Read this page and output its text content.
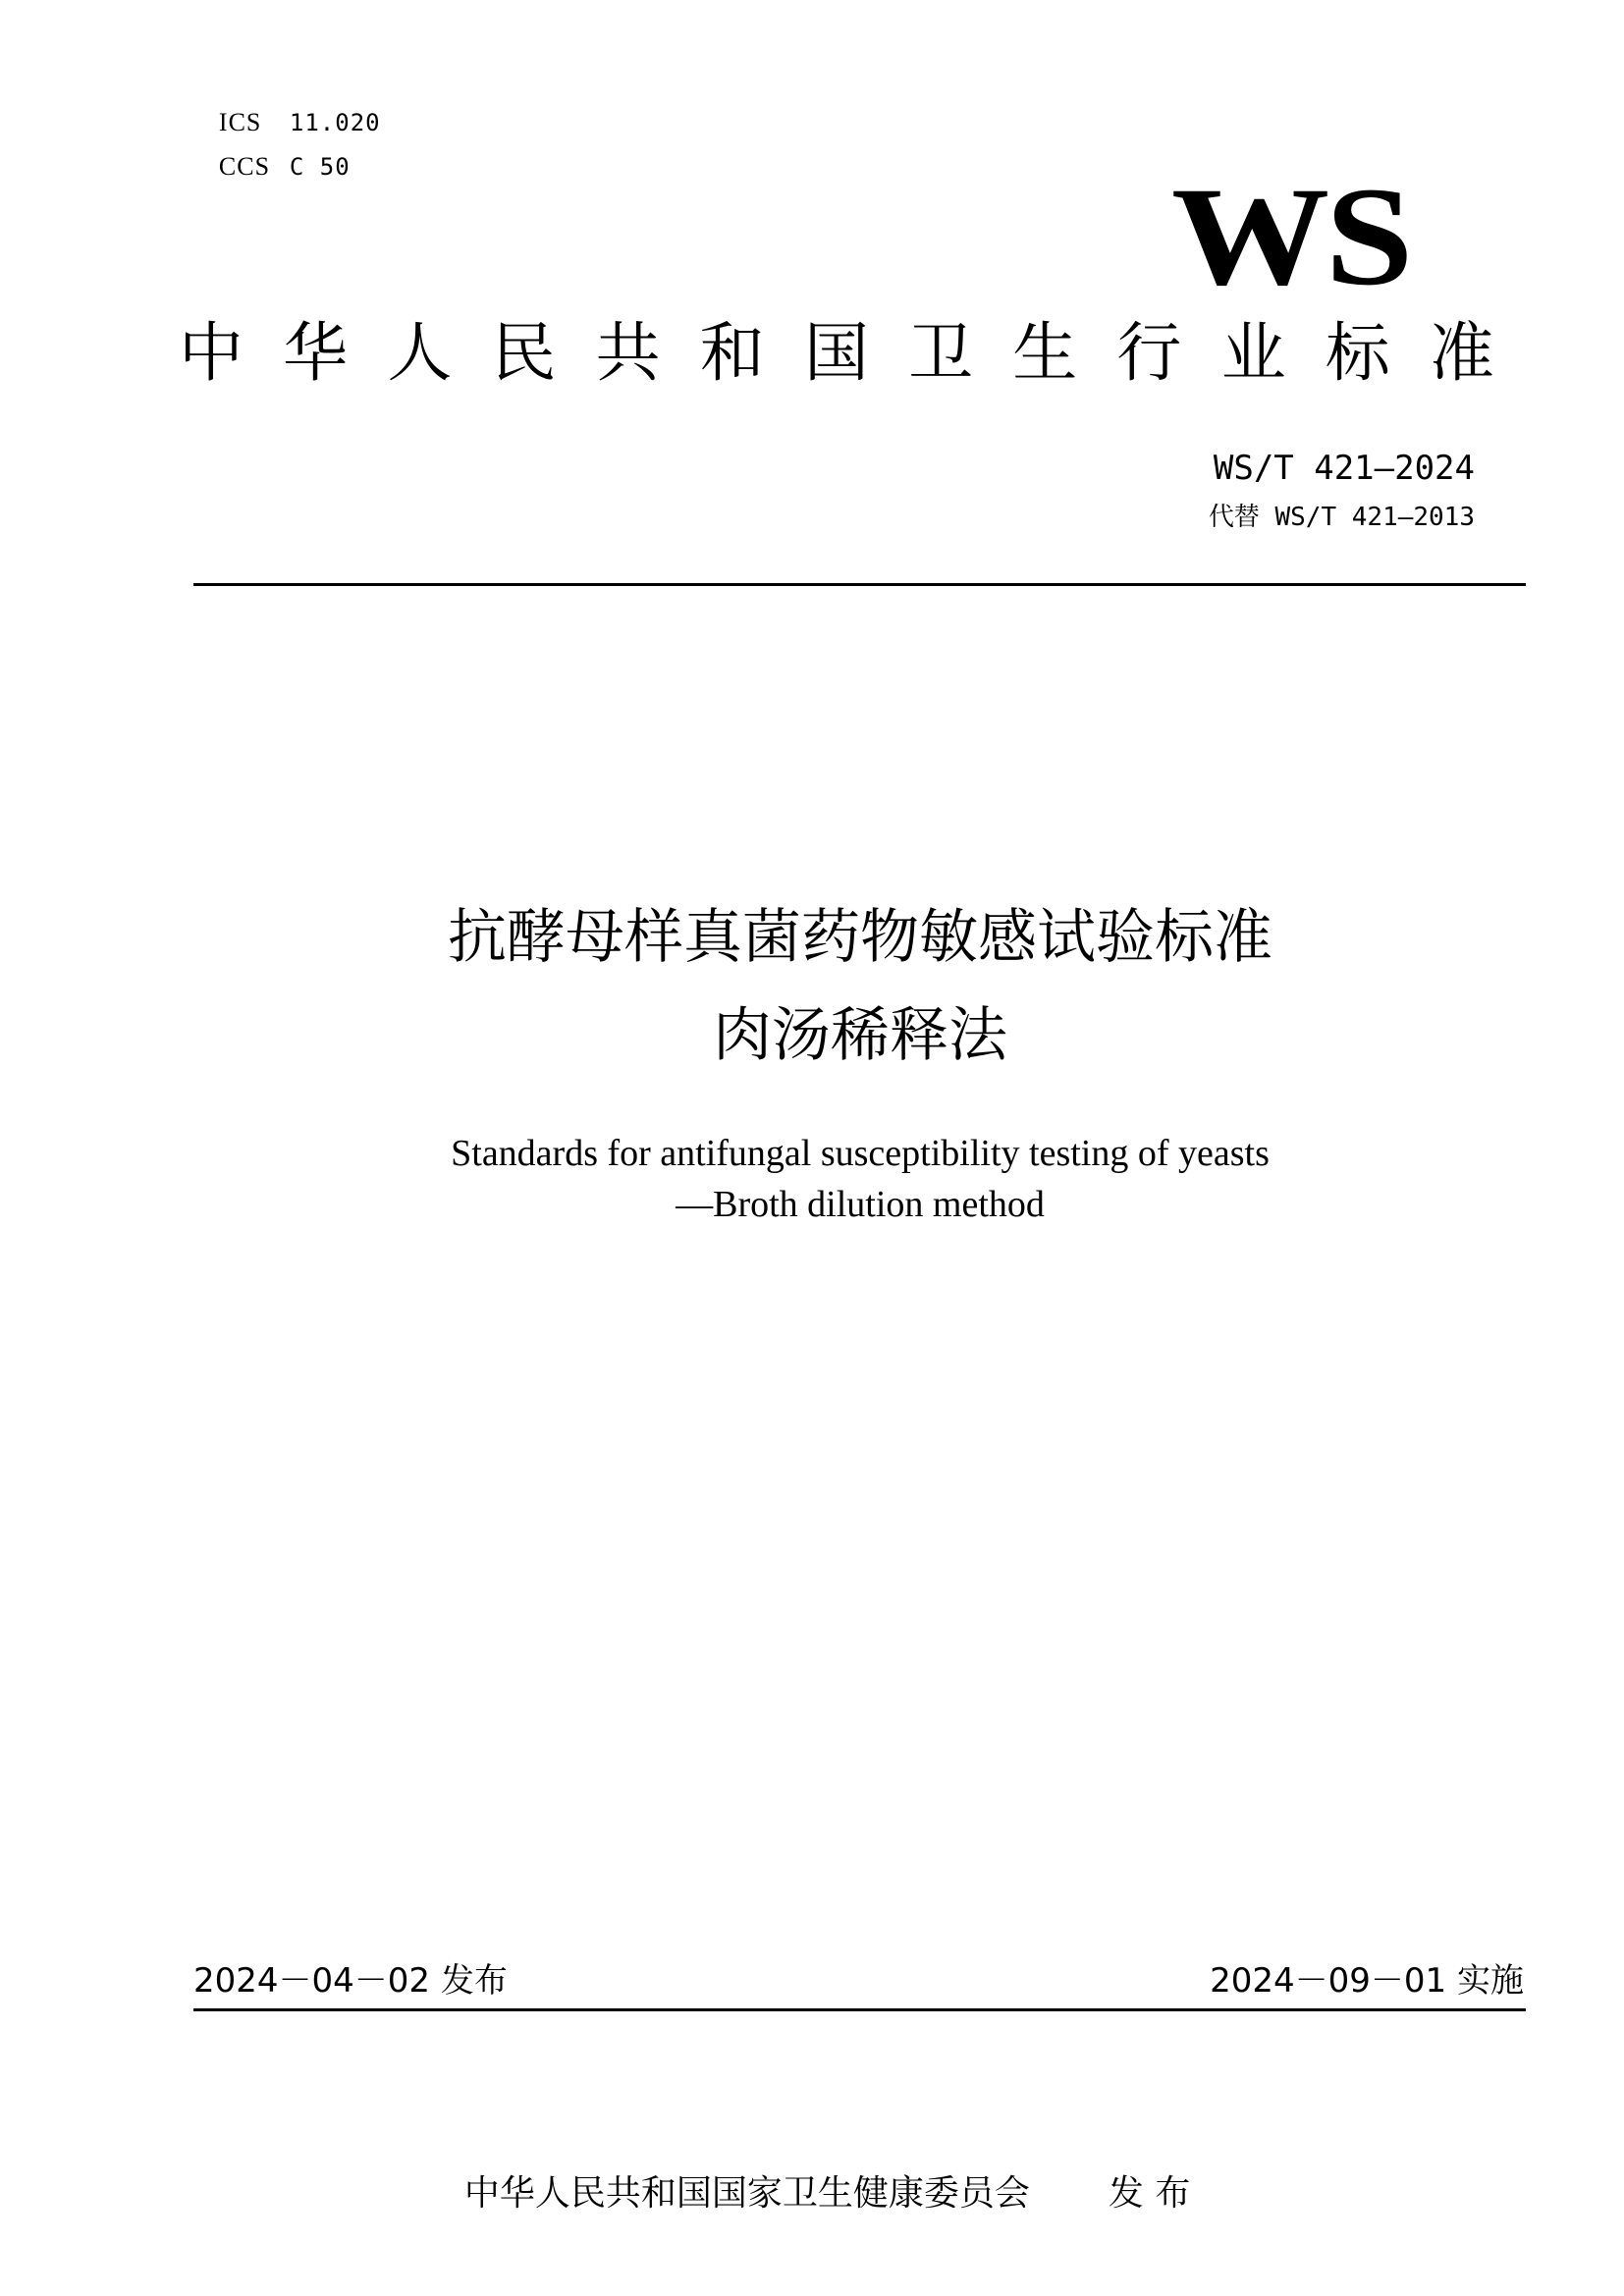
ICS 11.020

CCS C 50	WS
中 华 人 民 共 和 国 卫 生 行 业 标 准
WS/T 421—2024
代替 WS/T 421—2013
抗酵母样真菌药物敏感试验标准
肉汤稀释法
Standards for antifungal susceptibility testing of yeasts
—Broth dilution method
2024－04－02 发布	2024－09－01 实施

中华人民共和国国家卫生健康委员会 发 布
